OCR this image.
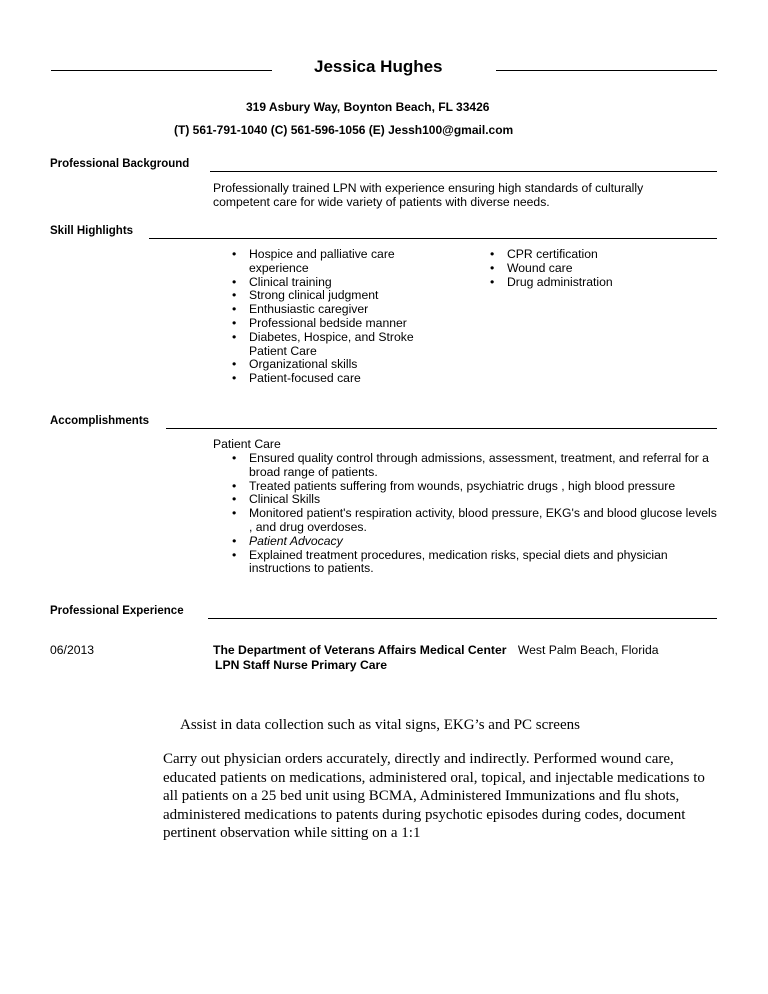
Jessica Hughes
319 Asbury Way, Boynton Beach, FL 33426
(T) 561-791-1040 (C) 561-596-1056 (E) Jessh100@gmail.com
Professional Background
Professionally trained LPN with experience ensuring high standards of culturally
competent care for wide variety of patients with diverse needs.
Skill Highlights
• Hospice and palliative care experience
• Clinical training
• Strong clinical judgment
• Enthusiastic caregiver
• Professional bedside manner
• Diabetes, Hospice, and Stroke Patient Care
• Organizational skills
• Patient-focused care
• CPR certification
• Wound care
• Drug administration
Accomplishments
Patient Care
• Ensured quality control through admissions, assessment, treatment, and referral for a broad range of patients.
• Treated patients suffering from wounds, psychiatric drugs , high blood pressure
• Clinical Skills
• Monitored patient's respiration activity, blood pressure, EKG's and blood glucose levels , and drug overdoses.
• Patient Advocacy
• Explained treatment procedures, medication risks, special diets and physician instructions to patients.
Professional Experience
06/2013	The Department of Veterans Affairs Medical Center West Palm Beach, Florida
LPN Staff Nurse Primary Care
Assist in data collection such as vital signs, EKG’s and PC screens
Carry out physician orders accurately, directly and indirectly. Performed wound care,
educated patients on medications, administered oral, topical, and injectable medications to
all patients on a 25 bed unit using BCMA, Administered Immunizations and flu shots,
administered medications to patents during psychotic episodes during codes, document
pertinent observation while sitting on a 1:1
